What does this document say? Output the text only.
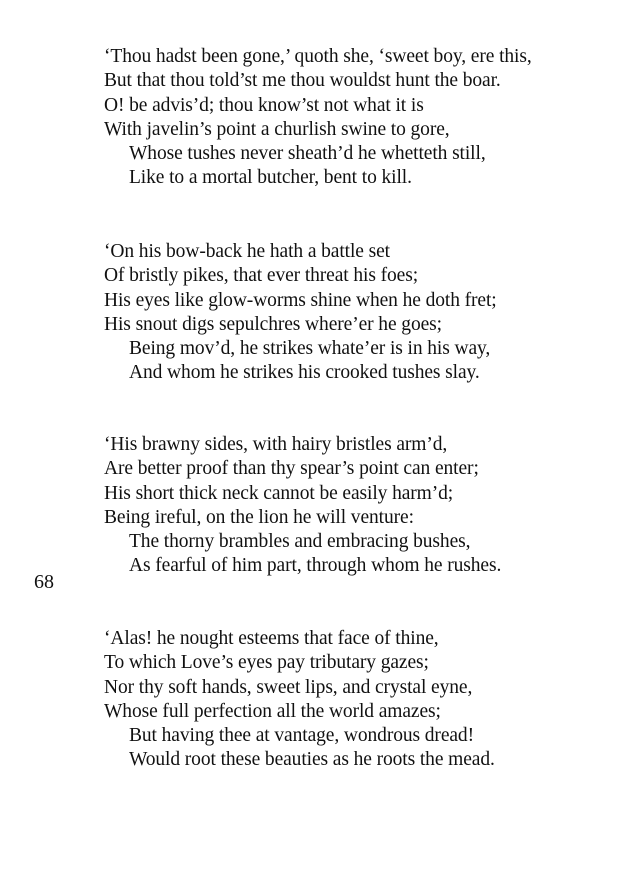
‘Thou hadst been gone,’ quoth she, ‘sweet boy, ere this,
But that thou told’st me thou wouldst hunt the boar.
O! be advis’d; thou know’st not what it is
With javelin’s point a churlish swine to gore,
Whose tushes never sheath’d he whetteth still,
Like to a mortal butcher, bent to kill.
‘On his bow-back he hath a battle set
Of bristly pikes, that ever threat his foes;
His eyes like glow-worms shine when he doth fret;
His snout digs sepulchres where’er he goes;
Being mov’d, he strikes whate’er is in his way,
And whom he strikes his crooked tushes slay.
‘His brawny sides, with hairy bristles arm’d,
Are better proof than thy spear’s point can enter;
His short thick neck cannot be easily harm’d;
Being ireful, on the lion he will venture:
The thorny brambles and embracing bushes,
As fearful of him part, through whom he rushes.
68
‘Alas! he nought esteems that face of thine,
To which Love’s eyes pay tributary gazes;
Nor thy soft hands, sweet lips, and crystal eyne,
Whose full perfection all the world amazes;
But having thee at vantage, wondrous dread!
Would root these beauties as he roots the mead.
